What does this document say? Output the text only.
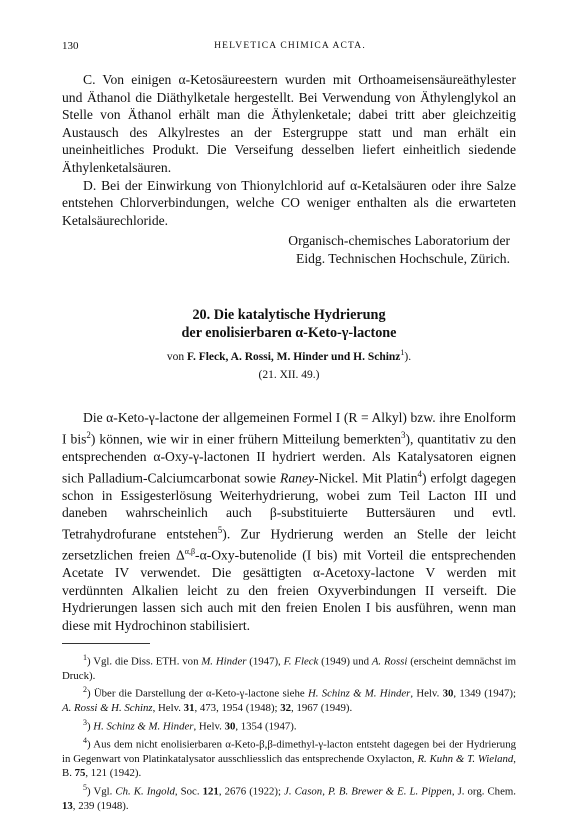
130	HELVETICA CHIMICA ACTA.

C. Von einigen α-Ketosäureestern wurden mit Orthoameisensäureäthylester und Äthanol die Diäthylketale hergestellt. Bei Verwendung von Äthylenglykol an Stelle von Äthanol erhält man die Äthylenketale; dabei tritt aber gleichzeitig Austausch des Alkylrestes an der Estergruppe statt und man erhält ein uneinheitliches Produkt. Die Verseifung desselben liefert einheitlich siedende Äthylenketalsäuren.

D. Bei der Einwirkung von Thionylchlorid auf α-Ketalsäuren oder ihre Salze entstehen Chlorverbindungen, welche CO weniger enthalten als die erwarteten Ketalsäurechloride.

Organisch-chemisches Laboratorium der
Eidg. Technischen Hochschule, Zürich.
20. Die katalytische Hydrierung
der enolisierbaren α-Keto-γ-lactone
von F. Fleck, A. Rossi, M. Hinder und H. Schinz$^1$).
(21. XII. 49.)

Die α-Keto-γ-lactone der allgemeinen Formel I (R = Alkyl) bzw. ihre Enolform I bis$^2$) können, wie wir in einer frühern Mitteilung bemerkten$^3$), quantitativ zu den entsprechenden α-Oxy-γ-lactonen II hydriert werden. Als Katalysatoren eignen sich Palladium-Calciumcarbonat sowie Raney-Nickel. Mit Platin$^4$) erfolgt dagegen schon in Essigesterlösung Weiterhydrierung, wobei zum Teil Lacton III und daneben wahrscheinlich auch β-substituierte Buttersäuren und evtl. Tetrahydrofurane entstehen$^5$). Zur Hydrierung werden an Stelle der leicht zersetzlichen freien $\Delta^{\alpha,\beta}-\alpha-Oxy$-butenolide (I bis) mit Vorteil die entsprechenden Acetate IV verwendet. Die gesättigten α-Acetoxy-lactone V werden mit verdünnten Alkalien leicht zu den freien Oxyverbindungen II verseift. Die Hydrierungen lassen sich auch mit den freien Enolen I bis ausführen, wenn man diese mit Hydrochinon stabilisiert.

$^1$) Vgl. die Diss. ETH. von M. Hinder (1947), F. Fleck (1949) und A. Rossi (erscheint demnächst im Druck).
$^2$) Über die Darstellung der α-Keto-γ-lactone siehe H. Schinz & M. Hinder, Helv. 30, 1349 (1947); A. Rossi & H. Schinz, Helv. 31, 473, 1954 (1948); 32, 1967 (1949).
$^3$) H. Schinz & M. Hinder, Helv. 30, 1354 (1947).
$^4$) Aus dem nicht enolisierbaren α-Keto-β,β-dimethyl-γ-lacton entsteht dagegen bei der Hydrierung in Gegenwart von Platinkatalysator ausschliesslich das entsprechende Oxylacton, R. Kuhn & T. Wieland, B. 75, 121 (1942).
$^5$) Vgl. Ch. K. Ingold, Soc. 121, 2676 (1922); J. Cason, P. B. Brewer & E. L. Pippen, J. org. Chem. 13, 239 (1948).
